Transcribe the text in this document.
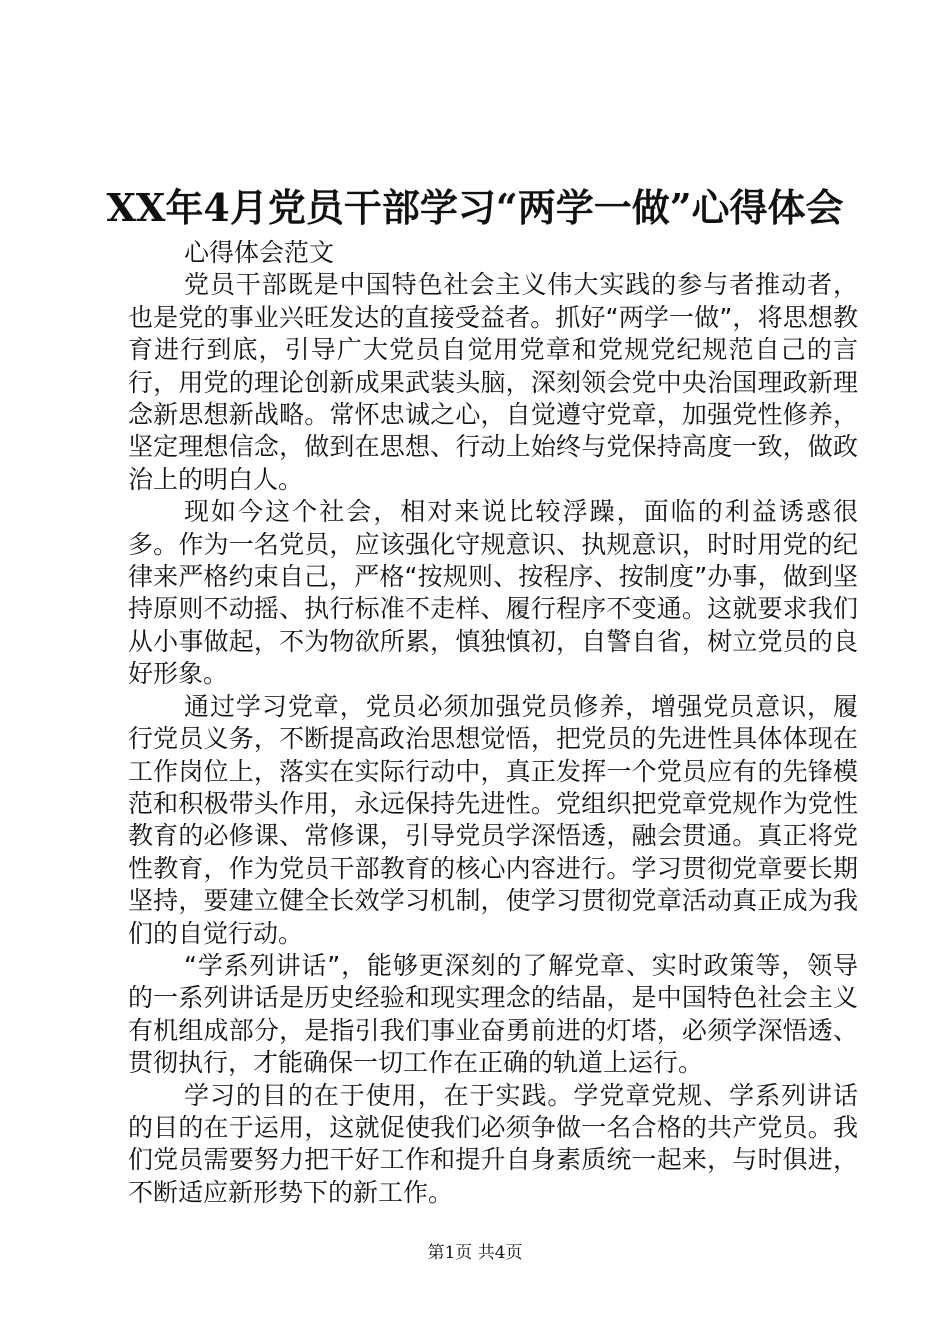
XX年4月党员干部学习“两学一做”心得体会

心得体会范文

党员干部既是中国特色社会主义伟大实践的参与者推动者，也是党的事业兴旺发达的直接受益者。抓好“两学一做”，将思想教育进行到底，引导广大党员自觉用党章和党规党纪规范自己的言行，用党的理论创新成果武装头脑，深刻领会党中央治国理政新理念新思想新战略。常怀忠诚之心，自觉遵守党章，加强党性修养，坚定理想信念，做到在思想、行动上始终与党保持高度一致，做政治上的明白人。

现如今这个社会，相对来说比较浮躁，面临的利益诱惑很多。作为一名党员，应该强化守规意识、执规意识，时时用党的纪律来严格约束自己，严格“按规则、按程序、按制度”办事，做到坚持原则不动摇、执行标准不走样、履行程序不变通。这就要求我们从小事做起，不为物欲所累，慎独慎初，自警自省，树立党员的良好形象。

通过学习党章，党员必须加强党员修养，增强党员意识，履行党员义务，不断提高政治思想觉悟，把党员的先进性具体体现在工作岗位上，落实在实际行动中，真正发挥一个党员应有的先锋模范和积极带头作用，永远保持先进性。党组织把党章党规作为党性教育的必修课、常修课，引导党员学深悟透，融会贯通。真正将党性教育，作为党员干部教育的核心内容进行。学习贯彻党章要长期坚持，要建立健全长效学习机制，使学习贯彻党章活动真正成为我们的自觉行动。

“学系列讲话”，能够更深刻的了解党章、实时政策等，领导的一系列讲话是历史经验和现实理念的结晶，是中国特色社会主义有机组成部分，是指引我们事业奋勇前进的灯塔，必须学深悟透、贯彻执行，才能确保一切工作在正确的轨道上运行。

学习的目的在于使用，在于实践。学党章党规、学系列讲话的目的在于运用，这就促使我们必须争做一名合格的共产党员。我们党员需要努力把干好工作和提升自身素质统一起来，与时俱进，不断适应新形势下的新工作。

第1页 共4页
